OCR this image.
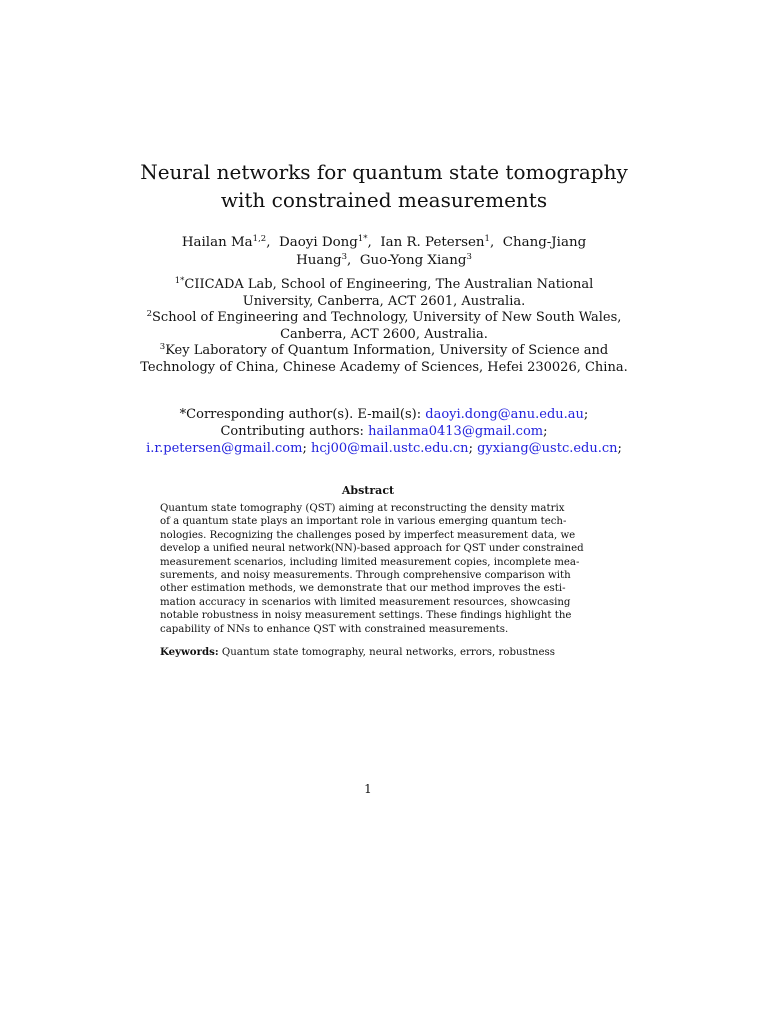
Neural networks for quantum state tomography
with constrained measurements
Hailan Ma$^{1,2}$,  Daoyi Dong$^{1*}$,  Ian R. Petersen$^1$,  Chang-Jiang
Huang$^3$,  Guo-Yong Xiang$^3$
$^{1*}$CIICADA Lab, School of Engineering, The Australian National
University, Canberra, ACT 2601, Australia.
$^2$School of Engineering and Technology, University of New South Wales,
Canberra, ACT 2600, Australia.
$^3$Key Laboratory of Quantum Information, University of Science and
Technology of China, Chinese Academy of Sciences, Hefei 230026, China.
*Corresponding author(s). E-mail(s): daoyi.dong@anu.edu.au;
Contributing authors: hailanma0413@gmail.com;
i.r.petersen@gmail.com; hcj00@mail.ustc.edu.cn; gyxiang@ustc.edu.cn;
Abstract
Quantum state tomography (QST) aiming at reconstructing the density matrix
of a quantum state plays an important role in various emerging quantum tech-
nologies. Recognizing the challenges posed by imperfect measurement data, we
develop a unified neural network(NN)-based approach for QST under constrained
measurement scenarios, including limited measurement copies, incomplete mea-
surements, and noisy measurements. Through comprehensive comparison with
other estimation methods, we demonstrate that our method improves the esti-
mation accuracy in scenarios with limited measurement resources, showcasing
notable robustness in noisy measurement settings. These findings highlight the
capability of NNs to enhance QST with constrained measurements.
Keywords: Quantum state tomography, neural networks, errors, robustness
1
